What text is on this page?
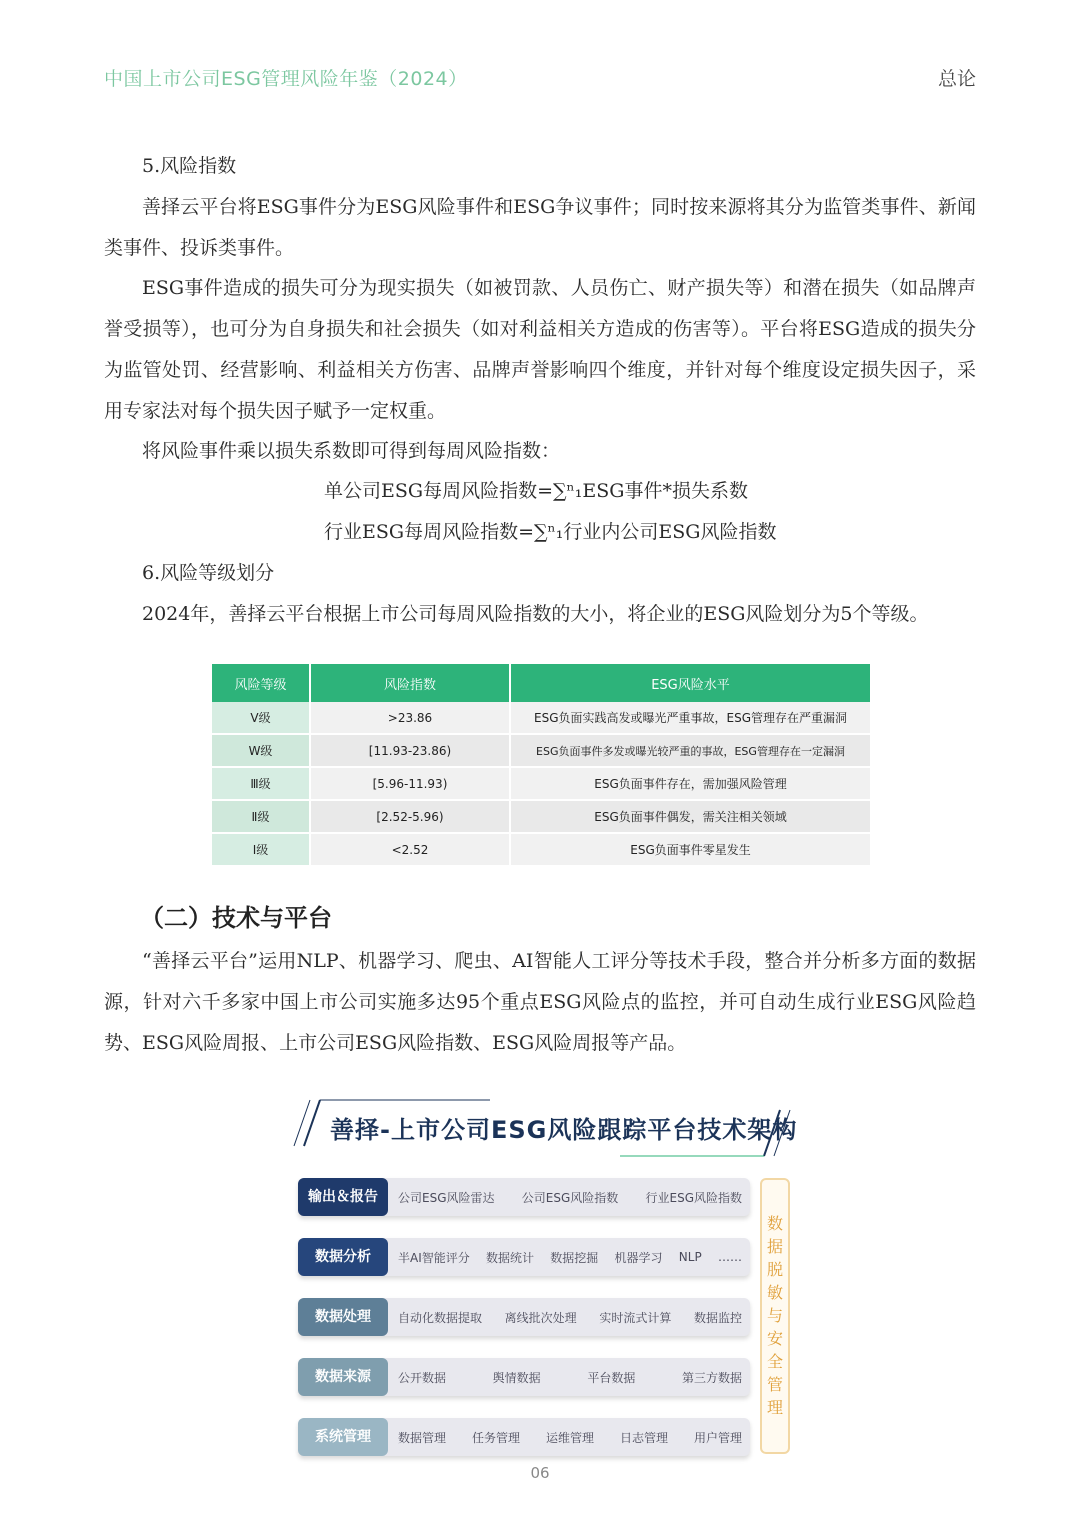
中国上市公司ESG管理风险年鉴（2024）	总论
5.风险指数

善择云平台将ESG事件分为ESG风险事件和ESG争议事件；同时按来源将其分为监管类事件、新闻类事件、投诉类事件。

ESG事件造成的损失可分为现实损失（如被罚款、人员伤亡、财产损失等）和潜在损失（如品牌声誉受损等），也可分为自身损失和社会损失（如对利益相关方造成的伤害等）。平台将ESG造成的损失分为监管处罚、经营影响、利益相关方伤害、品牌声誉影响四个维度，并针对每个维度设定损失因子，采用专家法对每个损失因子赋予一定权重。

将风险事件乘以损失系数即可得到每周风险指数：

单公司ESG每周风险指数=∑ⁿ₁ESG事件*损失系数
行业ESG每周风险指数=∑ⁿ₁行业内公司ESG风险指数
6.风险等级划分
2024年，善择云平台根据上市公司每周风险指数的大小，将企业的ESG风险划分为5个等级。
风险等级	风险指数	ESG风险水平
V级	>23.86	ESG负面实践高发或曝光严重事故，ESG管理存在严重漏洞
W级	[11.93-23.86)	ESG负面事件多发或曝光较严重的事故，ESG管理存在一定漏洞
Ⅲ级	[5.96-11.93)	ESG负面事件存在，需加强风险管理
Ⅱ级	[2.52-5.96)	ESG负面事件偶发，需关注相关领域
I级	<2.52	ESG负面事件零星发生
（二）技术与平台

“善择云平台”运用NLP、机器学习、爬虫、AI智能人工评分等技术手段，整合并分析多方面的数据源，针对六千多家中国上市公司实施多达95个重点ESG风险点的监控，并可自动生成行业ESG风险趋势、ESG风险周报、上市公司ESG风险指数、ESG风险周报等产品。

善择-上市公司ESG风险跟踪平台技术架构
输出＆报告	公司ESG风险雷达 公司ESG风险指数 行业ESG风险指数
数据分析	半AI智能评分 数据统计 数据挖掘 机器学习 NLP ……
数据处理	自动化数据提取 离线批次处理 实时流式计算 数据监控
数据来源	公开数据	舆情数据	平台数据	第三方数据
系统管理	数据管理 任务管理 运维管理 日志管理 用户管理
数据脱敏与安全管理
06
